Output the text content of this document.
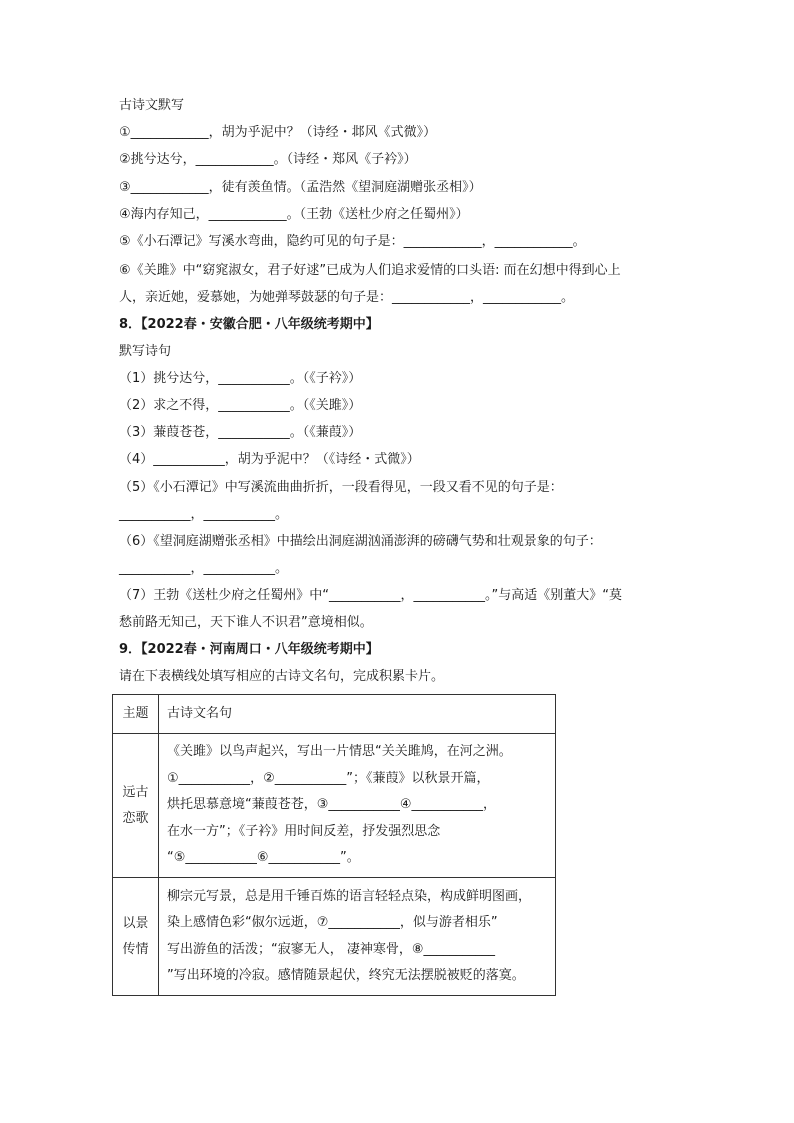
古诗文默写
①____________，胡为乎泥中？（诗经・邶风《式微》）
②挑兮达兮，____________。（诗经・郑风《子衿》）
③____________，徒有羡鱼情。（孟浩然《望洞庭湖赠张丞相》）
④海内存知己，____________。（王勃《送杜少府之任蜀州》）
⑤《小石潭记》写溪水弯曲，隐约可见的句子是：____________，____________。
⑥《关雎》中“窈窕淑女，君子好逑”已成为人们追求爱情的口头语: 而在幻想中得到心上
人，亲近她，爱慕她，为她弹琴鼓瑟的句子是：____________，____________。
8．【2022春・安徽合肥・八年级统考期中】
默写诗句
（1）挑兮达兮，___________。（《子衿》）
（2）求之不得，___________。（《关雎》）
（3）蒹葭苍苍，___________。（《蒹葭》）
（4）___________，胡为乎泥中？（《诗经・式微》）
（5）《小石潭记》中写溪流曲曲折折，一段看得见，一段又看不见的句子是：
___________，___________。
（6）《望洞庭湖赠张丞相》中描绘出洞庭湖汹涌澎湃的磅礴气势和壮观景象的句子：
___________，___________。
（7）王勃《送杜少府之任蜀州》中“___________，___________。”与高适《别董大》“莫
愁前路无知己，天下谁人不识君”意境相似。
9．【2022春・河南周口・八年级统考期中】
请在下表横线处填写相应的古诗文名句，完成积累卡片。
主题	古诗文名句

远古
恋歌	《关雎》以鸟声起兴，写出一片情思“关关雎鸠，在河之洲。
①___________，②___________”；《蒹葭》以秋景开篇，
烘托思慕意境“蒹葭苍苍，③___________④___________，
在水一方”；《子衿》用时间反差，抒发强烈思念
“⑤___________⑥___________”。

以景
传情	柳宗元写景，总是用千锤百炼的语言轻轻点染，构成鲜明图画，
染上感情色彩“俶尔远逝，⑦___________，似与游者相乐”
写出游鱼的活泼；“寂寥无人， 凄神寒骨，⑧___________
”写出环境的冷寂。感情随景起伏，终究无法摆脱被贬的落寞。
